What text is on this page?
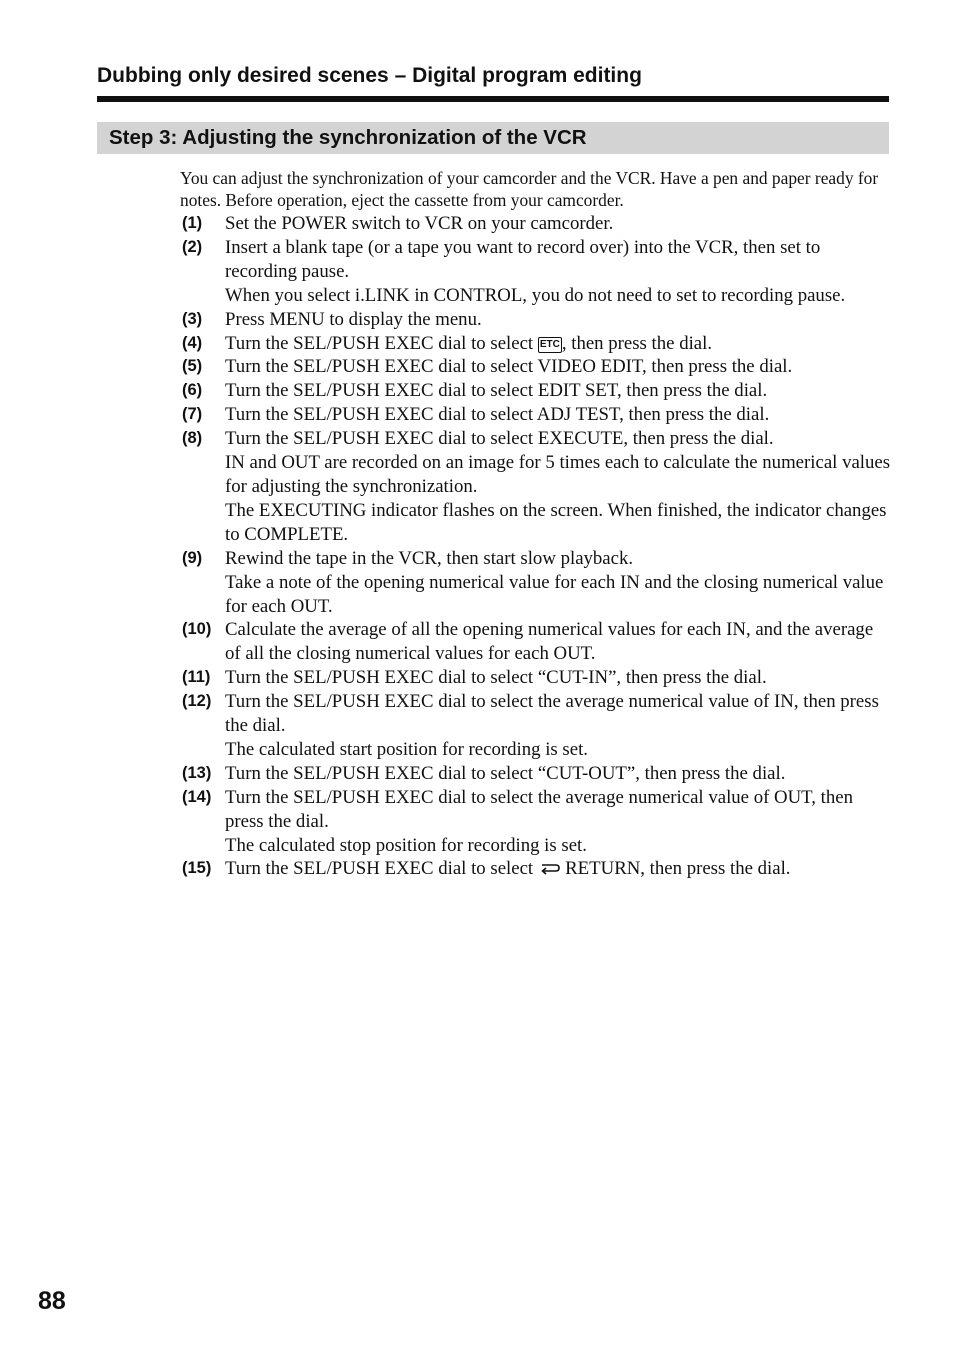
Dubbing only desired scenes – Digital program editing
Step 3: Adjusting the synchronization of the VCR
You can adjust the synchronization of your camcorder and the VCR. Have a pen and paper ready for notes. Before operation, eject the cassette from your camcorder.
(1) Set the POWER switch to VCR on your camcorder.
(2) Insert a blank tape (or a tape you want to record over) into the VCR, then set to recording pause.
When you select i.LINK in CONTROL, you do not need to set to recording pause.
(3) Press MENU to display the menu.
(4) Turn the SEL/PUSH EXEC dial to select ETC , then press the dial.
(5) Turn the SEL/PUSH EXEC dial to select VIDEO EDIT, then press the dial.
(6) Turn the SEL/PUSH EXEC dial to select EDIT SET, then press the dial.
(7) Turn the SEL/PUSH EXEC dial to select ADJ TEST, then press the dial.
(8) Turn the SEL/PUSH EXEC dial to select EXECUTE, then press the dial.
IN and OUT are recorded on an image for 5 times each to calculate the numerical values for adjusting the synchronization.
The EXECUTING indicator flashes on the screen. When finished, the indicator changes to COMPLETE.
(9) Rewind the tape in the VCR, then start slow playback.
Take a note of the opening numerical value for each IN and the closing numerical value for each OUT.
(10) Calculate the average of all the opening numerical values for each IN, and the average of all the closing numerical values for each OUT.
(11) Turn the SEL/PUSH EXEC dial to select “CUT-IN”, then press the dial.
(12) Turn the SEL/PUSH EXEC dial to select the average numerical value of IN, then press the dial.
The calculated start position for recording is set.
(13) Turn the SEL/PUSH EXEC dial to select “CUT-OUT”, then press the dial.
(14) Turn the SEL/PUSH EXEC dial to select the average numerical value of OUT, then press the dial.
The calculated stop position for recording is set.
(15) Turn the SEL/PUSH EXEC dial to select RETURN, then press the dial.
88
